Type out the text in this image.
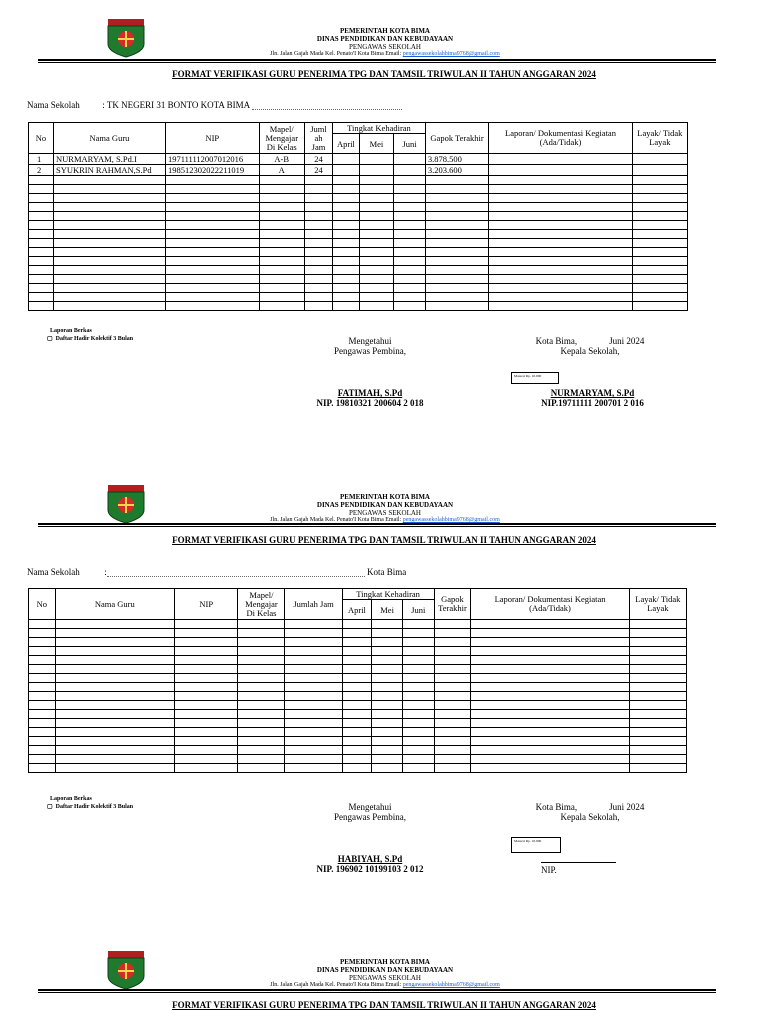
PEMERINTAH KOTA BIMA
DINAS PENDIDIKAN DAN KEBUDAYAAN
PENGAWAS SEKOLAH
Jln. Jalan Gajah Mada Kel. Penato'I Kota Bima Email: pengawassekolahbima9768@gmail.com
FORMAT VERIFIKASI GURU PENERIMA TPG DAN TAMSIL TRIWULAN II TAHUN ANGGARAN 2024
Nama Sekolah	: TK NEGERI 31 BONTO KOTA BIMA
No	Nama Guru	NIP	Mapel/ Mengajar Di Kelas	Juml ah Jam	Tingkat Kehadiran			Gapok Terakhir	Laporan/ Dokumentasi Kegiatan (Ada/Tidak)	Layak/ Tidak Layak
					April	Mei	Juni			
1	NURMARYAM, S.Pd.I	197111112007012016	A-B	24				3.878.500		
2	SYUKRIN RAHMAN,S.Pd	198512302022211019	A	24				3.203.600		

Laporan Berkas
▢ Daftar Hadir Kolektif 3 Bulan	Mengetahui
Pengawas Pembina,
Kota Bima,	Juni 2024
Kepala Sekolah,
Materai Rp. 10.000
FATIMAH, S.Pd
NIP. 19810321 200604 2 018
NURMARYAM, S.Pd
NIP.19711111 200701 2 016
PEMERINTAH KOTA BIMA
DINAS PENDIDIKAN DAN KEBUDAYAAN
PENGAWAS SEKOLAH
Jln. Jalan Gajah Mada Kel. Penato'I Kota Bima Email: pengawassekolahbima9768@gmail.com
FORMAT VERIFIKASI GURU PENERIMA TPG DAN TAMSIL TRIWULAN II TAHUN ANGGARAN 2024
Nama Sekolah	:	Kota Bima
No	Nama Guru	NIP	Mapel/ Mengajar Di Kelas	Jumlah Jam	Tingkat Kehadiran			Gapok Terakhir	Laporan/ Dokumentasi Kegiatan (Ada/Tidak)	Layak/ Tidak Layak
					April	Mei	Juni			

Laporan Berkas
▢ Daftar Hadir Kolektif 3 Bulan	Mengetahui
Pengawas Pembina,
Kota Bima,	Juni 2024
Kepala Sekolah,
Materai Rp. 10.000
HABIYAH, S.Pd
NIP. 196902 10199103 2 012	NIP.
PEMERINTAH KOTA BIMA
DINAS PENDIDIKAN DAN KEBUDAYAAN
PENGAWAS SEKOLAH
Jln. Jalan Gajah Mada Kel. Penato'I Kota Bima Email: pengawassekolahbima9768@gmail.com
FORMAT VERIFIKASI GURU PENERIMA TPG DAN TAMSIL TRIWULAN II TAHUN ANGGARAN 2024
